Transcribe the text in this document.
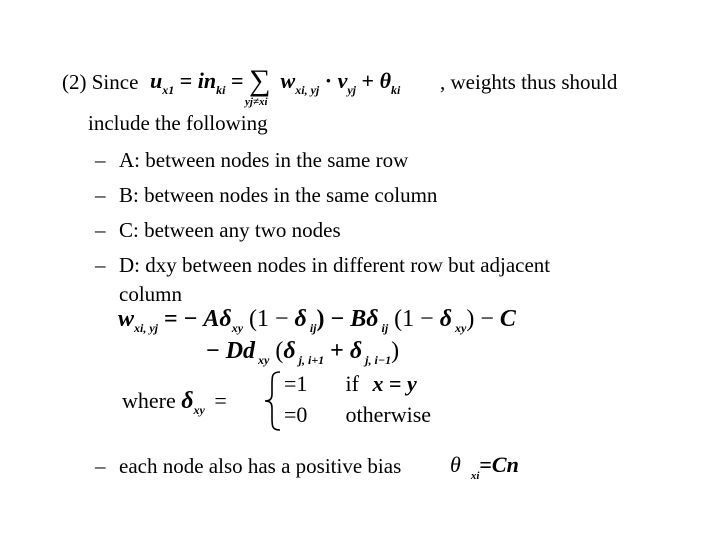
(2) Since $u_{x1} = in_{ki}$ = ∑
yj≠xi
$w_{xi, yj} \cdot v_{yj} + \theta_{ki}$ , weights thus should
include the following
– A: between nodes in the same row
– B: between nodes in the same column
– C: between any two nodes
– D: dxy between nodes in different row but adjacent
column
$w_{xi, yj}$ = − $A\delta_{xy}$ (1 − δ $_{ij}$) − Bδ $_{ij}$ (1 − δ $_{xy}$) − C
− Dd $_{xy}$ (δ $_{j, i+1}$ + δ $_{j, i-1}$)
where $\delta_{xy}$ =
=1 if x = y
=0 otherwise
– each node also has a positive bias θ $_{xi}$=Cn
